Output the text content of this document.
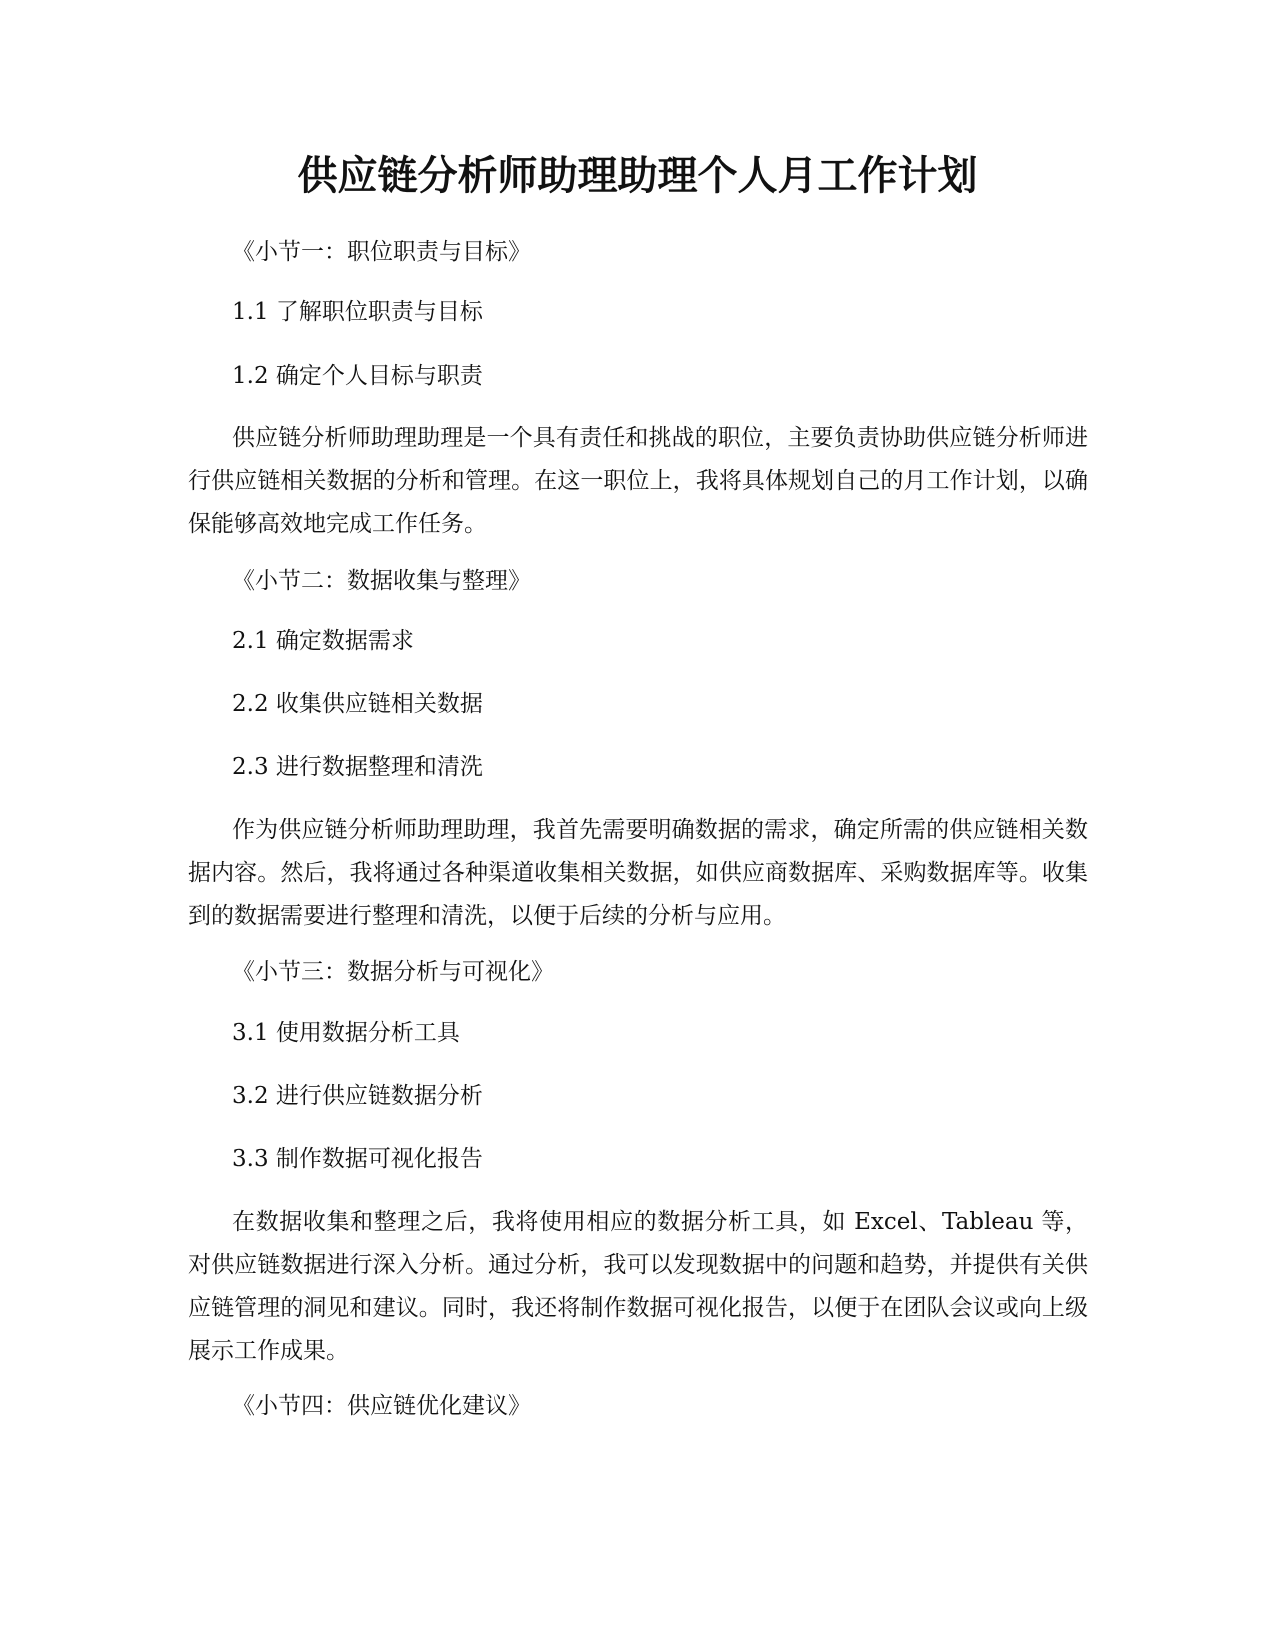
供应链分析师助理助理个人月工作计划

《小节一：职位职责与目标》

1.1 了解职位职责与目标

1.2 确定个人目标与职责

供应链分析师助理助理是一个具有责任和挑战的职位，主要负责协助供应链分析师进行供应链相关数据的分析和管理。在这一职位上，我将具体规划自己的月工作计划，以确保能够高效地完成工作任务。

《小节二：数据收集与整理》

2.1 确定数据需求

2.2 收集供应链相关数据

2.3 进行数据整理和清洗

作为供应链分析师助理助理，我首先需要明确数据的需求，确定所需的供应链相关数据内容。然后，我将通过各种渠道收集相关数据，如供应商数据库、采购数据库等。收集到的数据需要进行整理和清洗，以便于后续的分析与应用。

《小节三：数据分析与可视化》

3.1 使用数据分析工具

3.2 进行供应链数据分析

3.3 制作数据可视化报告

在数据收集和整理之后，我将使用相应的数据分析工具，如 Excel、Tableau 等，对供应链数据进行深入分析。通过分析，我可以发现数据中的问题和趋势，并提供有关供应链管理的洞见和建议。同时，我还将制作数据可视化报告，以便于在团队会议或向上级展示工作成果。

《小节四：供应链优化建议》
